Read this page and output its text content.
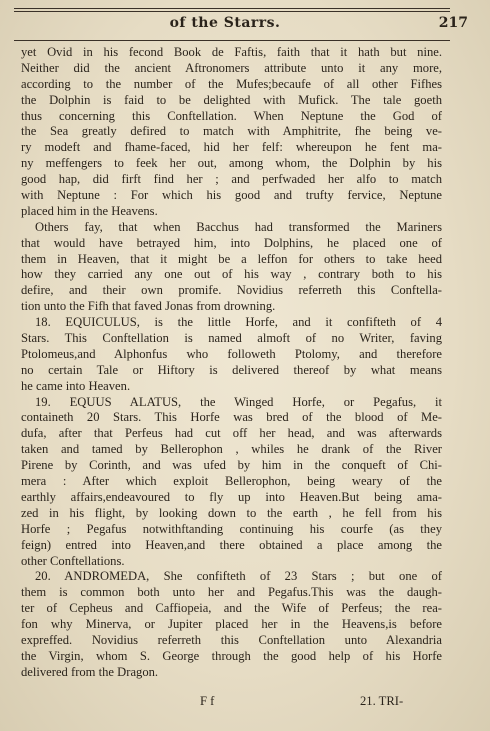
of the Starrs.	217
yet Ovid in his fecond Book de Faftis, faith that it hath but nine.
Neither did the ancient Aftronomers attribute unto it any more,
according to the number of the Mufes;becaufe of all other Fifhes
the Dolphin is faid to be delighted with Mufick. The tale goeth
thus concerning this Conftellation. When Neptune the God of
the Sea greatly defired to match with Amphitrite, fhe being ve-
ry modeft and fhame-faced, hid her felf: whereupon he fent ma-
ny meffengers to feek her out, among whom, the Dolphin by his
good hap, did firft find her ; and perfwaded her alfo to match
with Neptune : For which his good and trufty fervice, Neptune
placed him in the Heavens.
Others fay, that when Bacchus had transformed the Mariners
that would have betrayed him, into Dolphins, he placed one of
them in Heaven, that it might be a leffon for others to take heed
how they carried any one out of his way , contrary both to his
defire, and their own promife. Novidius referreth this Conftella-
tion unto the Fifh that faved Jonas from drowning.
18. EQUICULUS, is the little Horfe, and it confifteth of 4
Stars. This Conftellation is named almoft of no Writer, faving
Ptolomeus,and Alphonfus who followeth Ptolomy, and therefore
no certain Tale or Hiftory is delivered thereof by what means
he came into Heaven.
19. EQUUS ALATUS, the Winged Horfe, or Pegafus, it
containeth 20 Stars. This Horfe was bred of the blood of Me-
dufa, after that Perfeus had cut off her head, and was afterwards
taken and tamed by Bellerophon , whiles he drank of the River
Pirene by Corinth, and was ufed by him in the conqueft of Chi-
mera : After which exploit Bellerophon, being weary of the
earthly affairs,endeavoured to fly up into Heaven.But being ama-
zed in his flight, by looking down to the earth , he fell from his
Horfe ; Pegafus notwithftanding continuing his courfe (as they
feign) entred into Heaven,and there obtained a place among the
other Conftellations.
20. ANDROMEDA, She confifteth of 23 Stars ; but one of
them is common both unto her and Pegafus.This was the daugh-
ter of Cepheus and Caffiopeia, and the Wife of Perfeus; the rea-
fon why Minerva, or Jupiter placed her in the Heavens,is before
expreffed. Novidius referreth this Conftellation unto Alexandria
the Virgin, whom S. George through the good help of his Horfe
delivered from the Dragon.
F f	21. TRI-
